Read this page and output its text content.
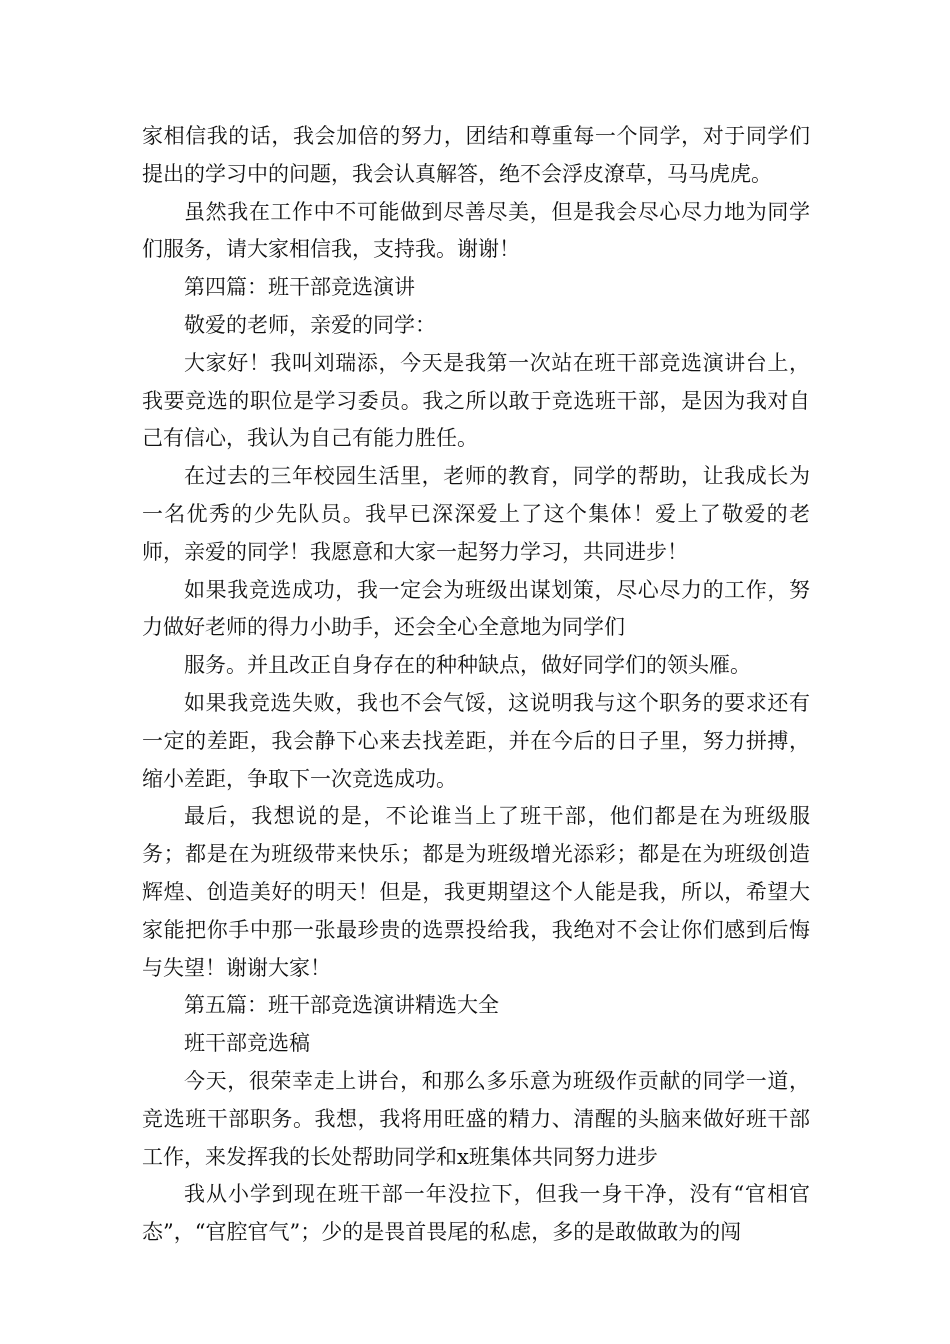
家相信我的话，我会加倍的努力，团结和尊重每一个同学，对于同学们提出的学习中的问题，我会认真解答，绝不会浮皮潦草，马马虎虎。

虽然我在工作中不可能做到尽善尽美，但是我会尽心尽力地为同学们服务，请大家相信我，支持我。谢谢！

第四篇：班干部竞选演讲

敬爱的老师，亲爱的同学：

大家好！我叫刘瑞添，今天是我第一次站在班干部竞选演讲台上，我要竞选的职位是学习委员。我之所以敢于竞选班干部，是因为我对自己有信心，我认为自己有能力胜任。

在过去的三年校园生活里，老师的教育，同学的帮助，让我成长为一名优秀的少先队员。我早已深深爱上了这个集体！爱上了敬爱的老师，亲爱的同学！我愿意和大家一起努力学习，共同进步！

如果我竞选成功，我一定会为班级出谋划策，尽心尽力的工作，努力做好老师的得力小助手，还会全心全意地为同学们

服务。并且改正自身存在的种种缺点，做好同学们的领头雁。

如果我竞选失败，我也不会气馁，这说明我与这个职务的要求还有一定的差距，我会静下心来去找差距，并在今后的日子里，努力拼搏，缩小差距，争取下一次竞选成功。

最后，我想说的是，不论谁当上了班干部，他们都是在为班级服务；都是在为班级带来快乐；都是为班级增光添彩；都是在为班级创造辉煌、创造美好的明天！但是，我更期望这个人能是我，所以，希望大家能把你手中那一张最珍贵的选票投给我，我绝对不会让你们感到后悔与失望！谢谢大家！

第五篇：班干部竞选演讲精选大全

班干部竞选稿

今天，很荣幸走上讲台，和那么多乐意为班级作贡献的同学一道，竞选班干部职务。我想，我将用旺盛的精力、清醒的头脑来做好班干部工作，来发挥我的长处帮助同学和x班集体共同努力进步

我从小学到现在班干部一年没拉下，但我一身干净，没有“官相官态”，“官腔官气”；少的是畏首畏尾的私虑，多的是敢做敢为的闯
